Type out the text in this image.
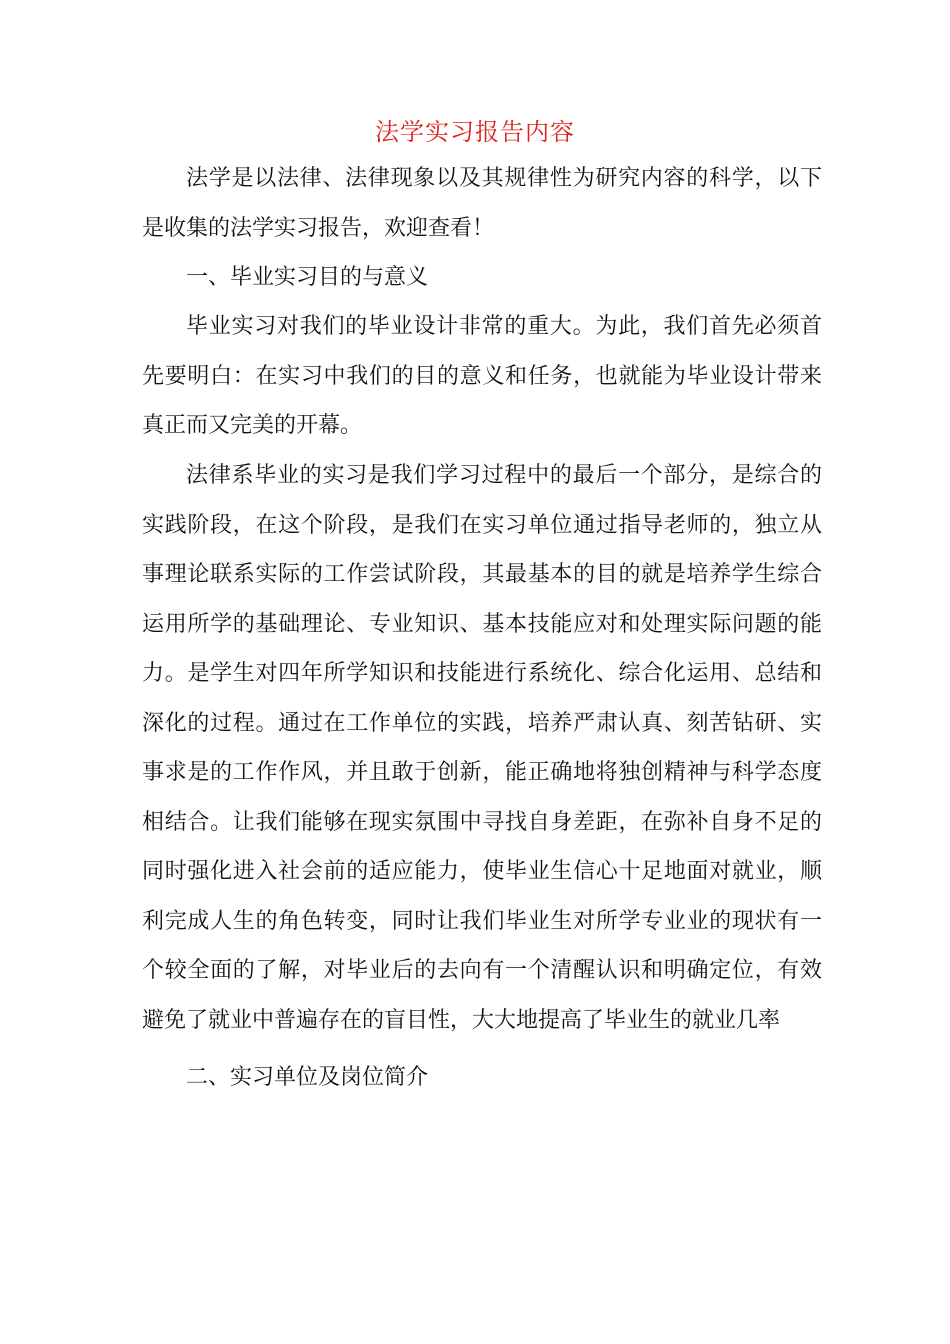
法学实习报告内容

法学是以法律、法律现象以及其规律性为研究内容的科学，以下是收集的法学实习报告，欢迎查看！

一、毕业实习目的与意义

毕业实习对我们的毕业设计非常的重大。为此，我们首先必须首先要明白：在实习中我们的目的意义和任务，也就能为毕业设计带来真正而又完美的开幕。

法律系毕业的实习是我们学习过程中的最后一个部分，是综合的实践阶段，在这个阶段，是我们在实习单位通过指导老师的，独立从事理论联系实际的工作尝试阶段，其最基本的目的就是培养学生综合运用所学的基础理论、专业知识、基本技能应对和处理实际问题的能力。是学生对四年所学知识和技能进行系统化、综合化运用、总结和深化的过程。通过在工作单位的实践，培养严肃认真、刻苦钻研、实事求是的工作作风，并且敢于创新，能正确地将独创精神与科学态度相结合。让我们能够在现实氛围中寻找自身差距，在弥补自身不足的同时强化进入社会前的适应能力，使毕业生信心十足地面对就业，顺利完成人生的角色转变，同时让我们毕业生对所学专业业的现状有一个较全面的了解，对毕业后的去向有一个清醒认识和明确定位，有效避免了就业中普遍存在的盲目性，大大地提高了毕业生的就业几率

二、实习单位及岗位简介
